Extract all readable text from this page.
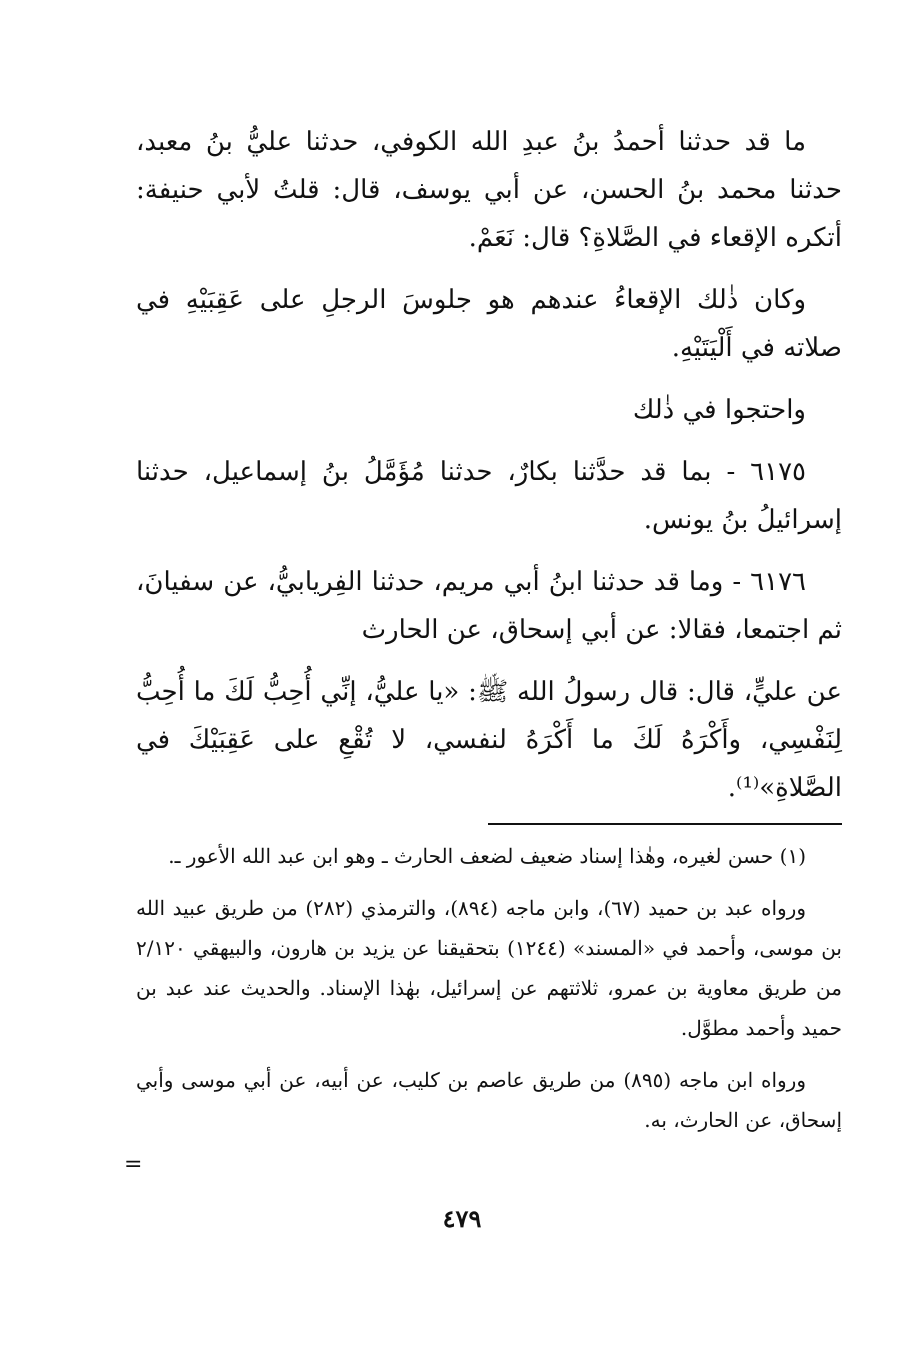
ما قد حدثنا أحمدُ بنُ عبدِ الله الكوفي، حدثنا عليُّ بنُ معبد، حدثنا محمد بنُ الحسن، عن أبي يوسف، قال: قلتُ لأبي حنيفة: أتكره الإقعاء في الصَّلاةِ؟ قال: نَعَمْ.

وكان ذٰلك الإقعاءُ عندهم هو جلوسَ الرجلِ على عَقِبَيْهِ في صلاته في أَلْيَتَيْهِ.

واحتجوا في ذٰلك

٦١٧٥ - بما قد حدَّثنا بكارٌ، حدثنا مُؤَمَّلُ بنُ إسماعيل، حدثنا إسرائيلُ بنُ يونس.

٦١٧٦ - وما قد حدثنا ابنُ أبي مريم، حدثنا الفِريابيُّ، عن سفيانَ، ثم اجتمعا، فقالا: عن أبي إسحاق، عن الحارث

عن عليٍّ، قال: قال رسولُ الله ﷺ: «يا عليُّ، إنِّي أُحِبُّ لَكَ ما أُحِبُّ لِنَفْسِي، وأَكْرَهُ لَكَ ما أَكْرَهُ لنفسي، لا تُقْعِ على عَقِبَيْكَ في الصَّلاةِ»⁽¹⁾.

(١) حسن لغيره، وهٰذا إسناد ضعيف لضعف الحارث ـ وهو ابن عبد الله الأعور ـ.

ورواه عبد بن حميد (٦٧)، وابن ماجه (٨٩٤)، والترمذي (٢٨٢) من طريق عبيد الله بن موسى، وأحمد في «المسند» (١٢٤٤) بتحقيقنا عن يزيد بن هارون، والبيهقي ٢/١٢٠ من طريق معاوية بن عمرو، ثلاثتهم عن إسرائيل، بهٰذا الإسناد. والحديث عند عبد بن حميد وأحمد مطوَّل.

ورواه ابن ماجه (٨٩٥) من طريق عاصم بن كليب، عن أبيه، عن أبي موسى وأبي إسحاق، عن الحارث، به.

=
٤٧٩
